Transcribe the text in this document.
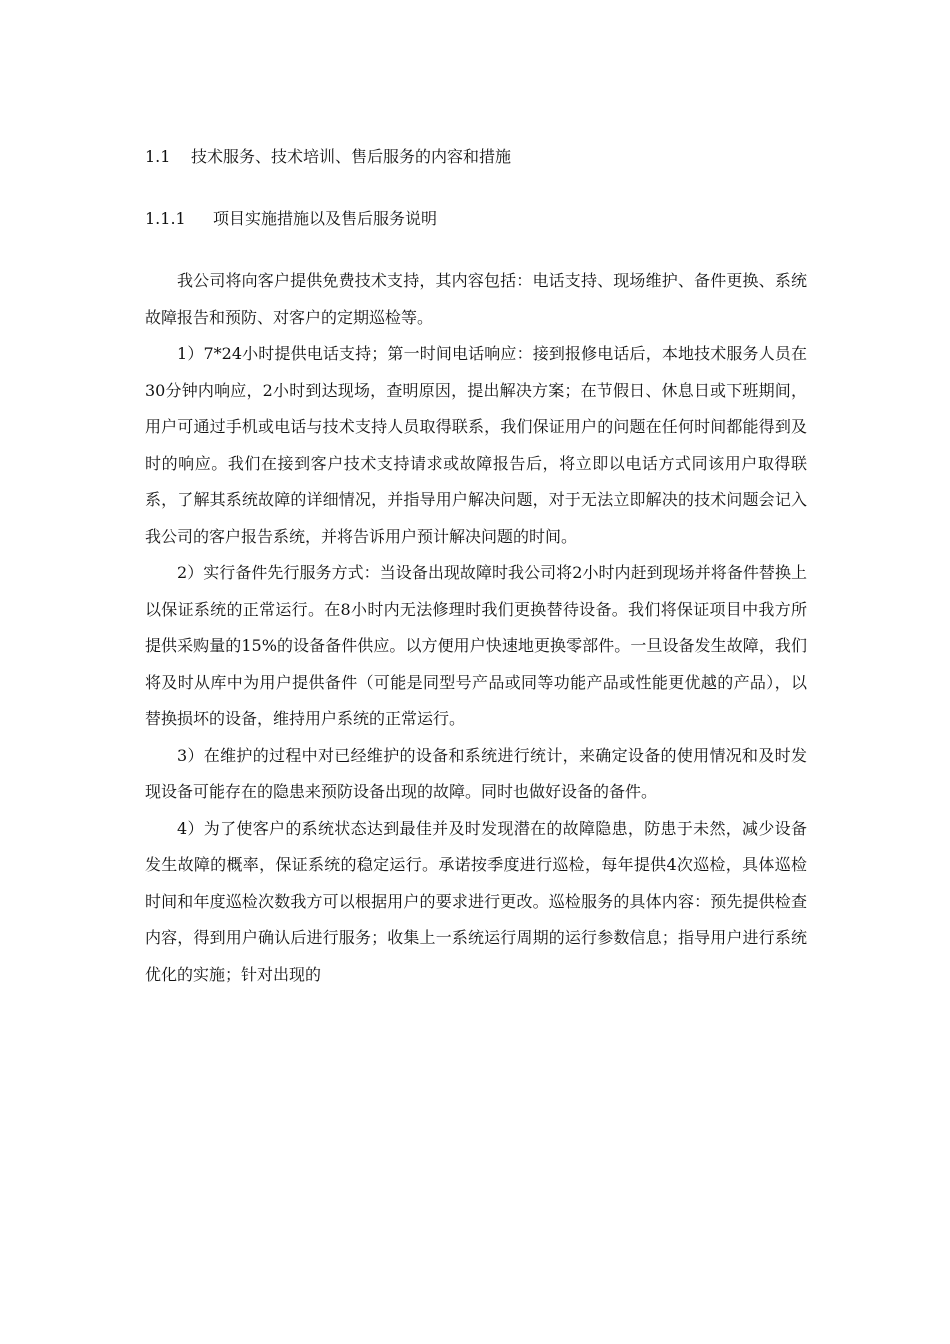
1.1 技术服务、技术培训、售后服务的内容和措施
1.1.1 项目实施措施以及售后服务说明

我公司将向客户提供免费技术支持，其内容包括：电话支持、现场维护、备件更换、系统故障报告和预防、对客户的定期巡检等。

1）7*24小时提供电话支持；第一时间电话响应：接到报修电话后，本地技术服务人员在30分钟内响应，2小时到达现场，查明原因，提出解决方案；在节假日、休息日或下班期间，用户可通过手机或电话与技术支持人员取得联系，我们保证用户的问题在任何时间都能得到及时的响应。我们在接到客户技术支持请求或故障报告后，将立即以电话方式同该用户取得联系，了解其系统故障的详细情况，并指导用户解决问题，对于无法立即解决的技术问题会记入我公司的客户报告系统，并将告诉用户预计解决问题的时间。

2）实行备件先行服务方式：当设备出现故障时我公司将2小时内赶到现场并将备件替换上以保证系统的正常运行。在8小时内无法修理时我们更换替待设备。我们将保证项目中我方所提供采购量的15%的设备备件供应。以方便用户快速地更换零部件。一旦设备发生故障，我们将及时从库中为用户提供备件（可能是同型号产品或同等功能产品或性能更优越的产品），以替换损坏的设备，维持用户系统的正常运行。

3）在维护的过程中对已经维护的设备和系统进行统计，来确定设备的使用情况和及时发现设备可能存在的隐患来预防设备出现的故障。同时也做好设备的备件。

4）为了使客户的系统状态达到最佳并及时发现潜在的故障隐患，防患于未然，减少设备发生故障的概率，保证系统的稳定运行。承诺按季度进行巡检，每年提供4次巡检，具体巡检时间和年度巡检次数我方可以根据用户的要求进行更改。巡检服务的具体内容：预先提供检查内容，得到用户确认后进行服务；收集上一系统运行周期的运行参数信息；指导用户进行系统优化的实施；针对出现的
